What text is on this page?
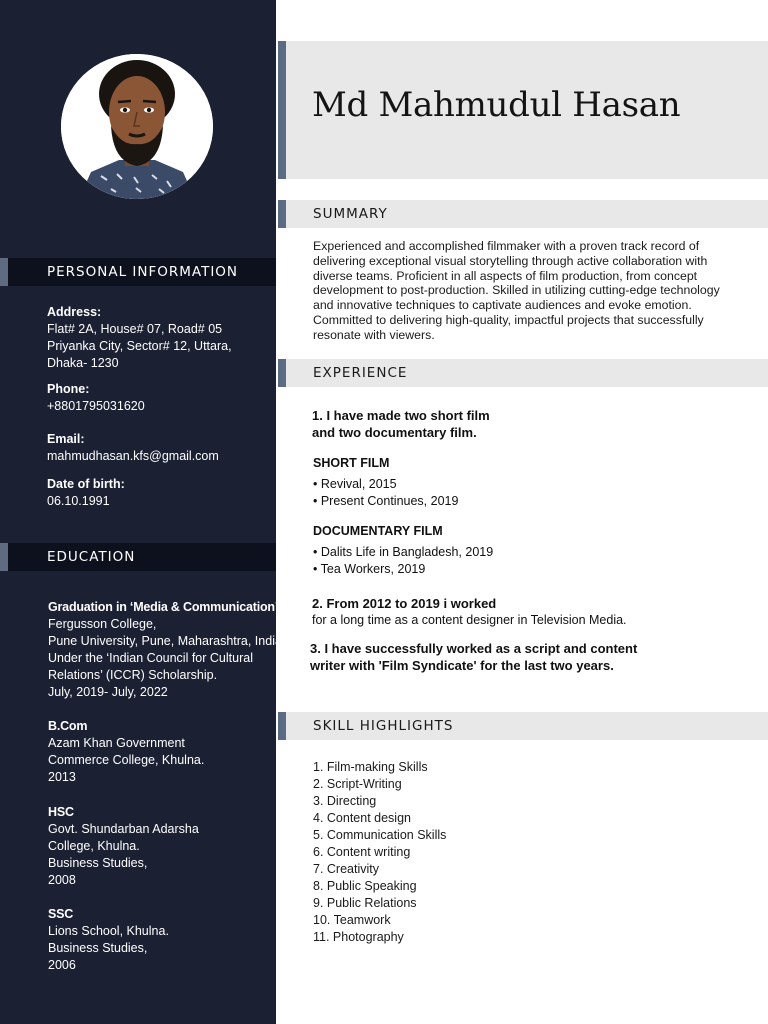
PERSONAL INFORMATION
Address:
Flat# 2A, House# 07, Road# 05
Priyanka City, Sector# 12, Uttara,
Dhaka- 1230
Phone:
+8801795031620
Email:
mahmudhasan.kfs@gmail.com
Date of birth:
06.10.1991
EDUCATION
Graduation in ‘Media & Communication’
Fergusson College,
Pune University, Pune, Maharashtra, India
Under the ‘Indian Council for Cultural
Relations’ (ICCR) Scholarship.
July, 2019- July, 2022
B.Com
Azam Khan Government
Commerce College, Khulna.
2013
HSC
Govt. Shundarban Adarsha
College, Khulna.
Business Studies,
2008
SSC
Lions School, Khulna.
Business Studies,
2006
Md Mahmudul Hasan
SUMMARY
Experienced and accomplished filmmaker with a proven track record of
delivering exceptional visual storytelling through active collaboration with
diverse teams. Proficient in all aspects of film production, from concept
development to post-production. Skilled in utilizing cutting-edge technology
and innovative techniques to captivate audiences and evoke emotion.
Committed to delivering high-quality, impactful projects that successfully
resonate with viewers.
EXPERIENCE
1. I have made two short film
and two documentary film.
SHORT FILM
• Revival, 2015
• Present Continues, 2019
DOCUMENTARY FILM
• Dalits Life in Bangladesh, 2019
• Tea Workers, 2019
2. From 2012 to 2019 i worked
for a long time as a content designer in Television Media.
3. I have successfully worked as a script and content
writer with 'Film Syndicate' for the last two years.
SKILL HIGHLIGHTS
1. Film-making Skills
2. Script-Writing
3. Directing
4. Content design
5. Communication Skills
6. Content writing
7. Creativity
8. Public Speaking
9. Public Relations
10. Teamwork
11. Photography
